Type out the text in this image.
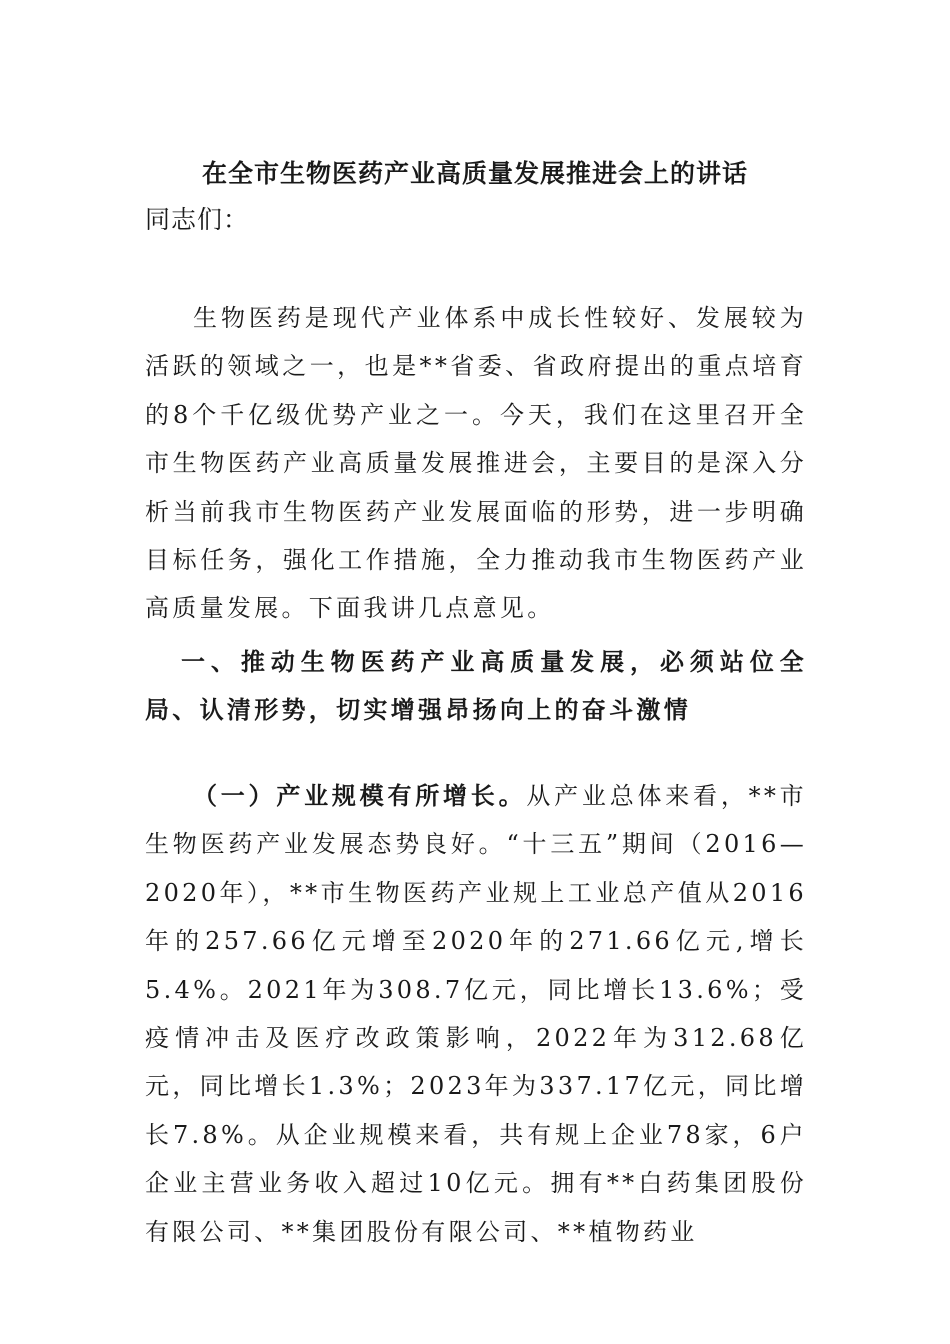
在全市生物医药产业高质量发展推进会上的讲话
同志们：

生物医药是现代产业体系中成长性较好、发展较为活跃的领域之一，也是**省委、省政府提出的重点培育的8个千亿级优势产业之一。今天，我们在这里召开全市生物医药产业高质量发展推进会，主要目的是深入分析当前我市生物医药产业发展面临的形势，进一步明确目标任务，强化工作措施，全力推动我市生物医药产业高质量发展。下面我讲几点意见。

一、推动生物医药产业高质量发展，必须站位全局、认清形势，切实增强昂扬向上的奋斗激情

（一）产业规模有所增长。从产业总体来看，**市生物医药产业发展态势良好。“十三五”期间（2016—2020年），**市生物医药产业规上工业总产值从2016年的257.66亿元增至2020年的271.66亿元,增长5.4%。2021年为308.7亿元，同比增长13.6%；受疫情冲击及医疗改政策影响，2022年为312.68亿元，同比增长1.3%；2023年为337.17亿元，同比增长7.8%。从企业规模来看，共有规上企业78家，6户企业主营业务收入超过10亿元。拥有**白药集团股份有限公司、**集团股份有限公司、**植物药业
